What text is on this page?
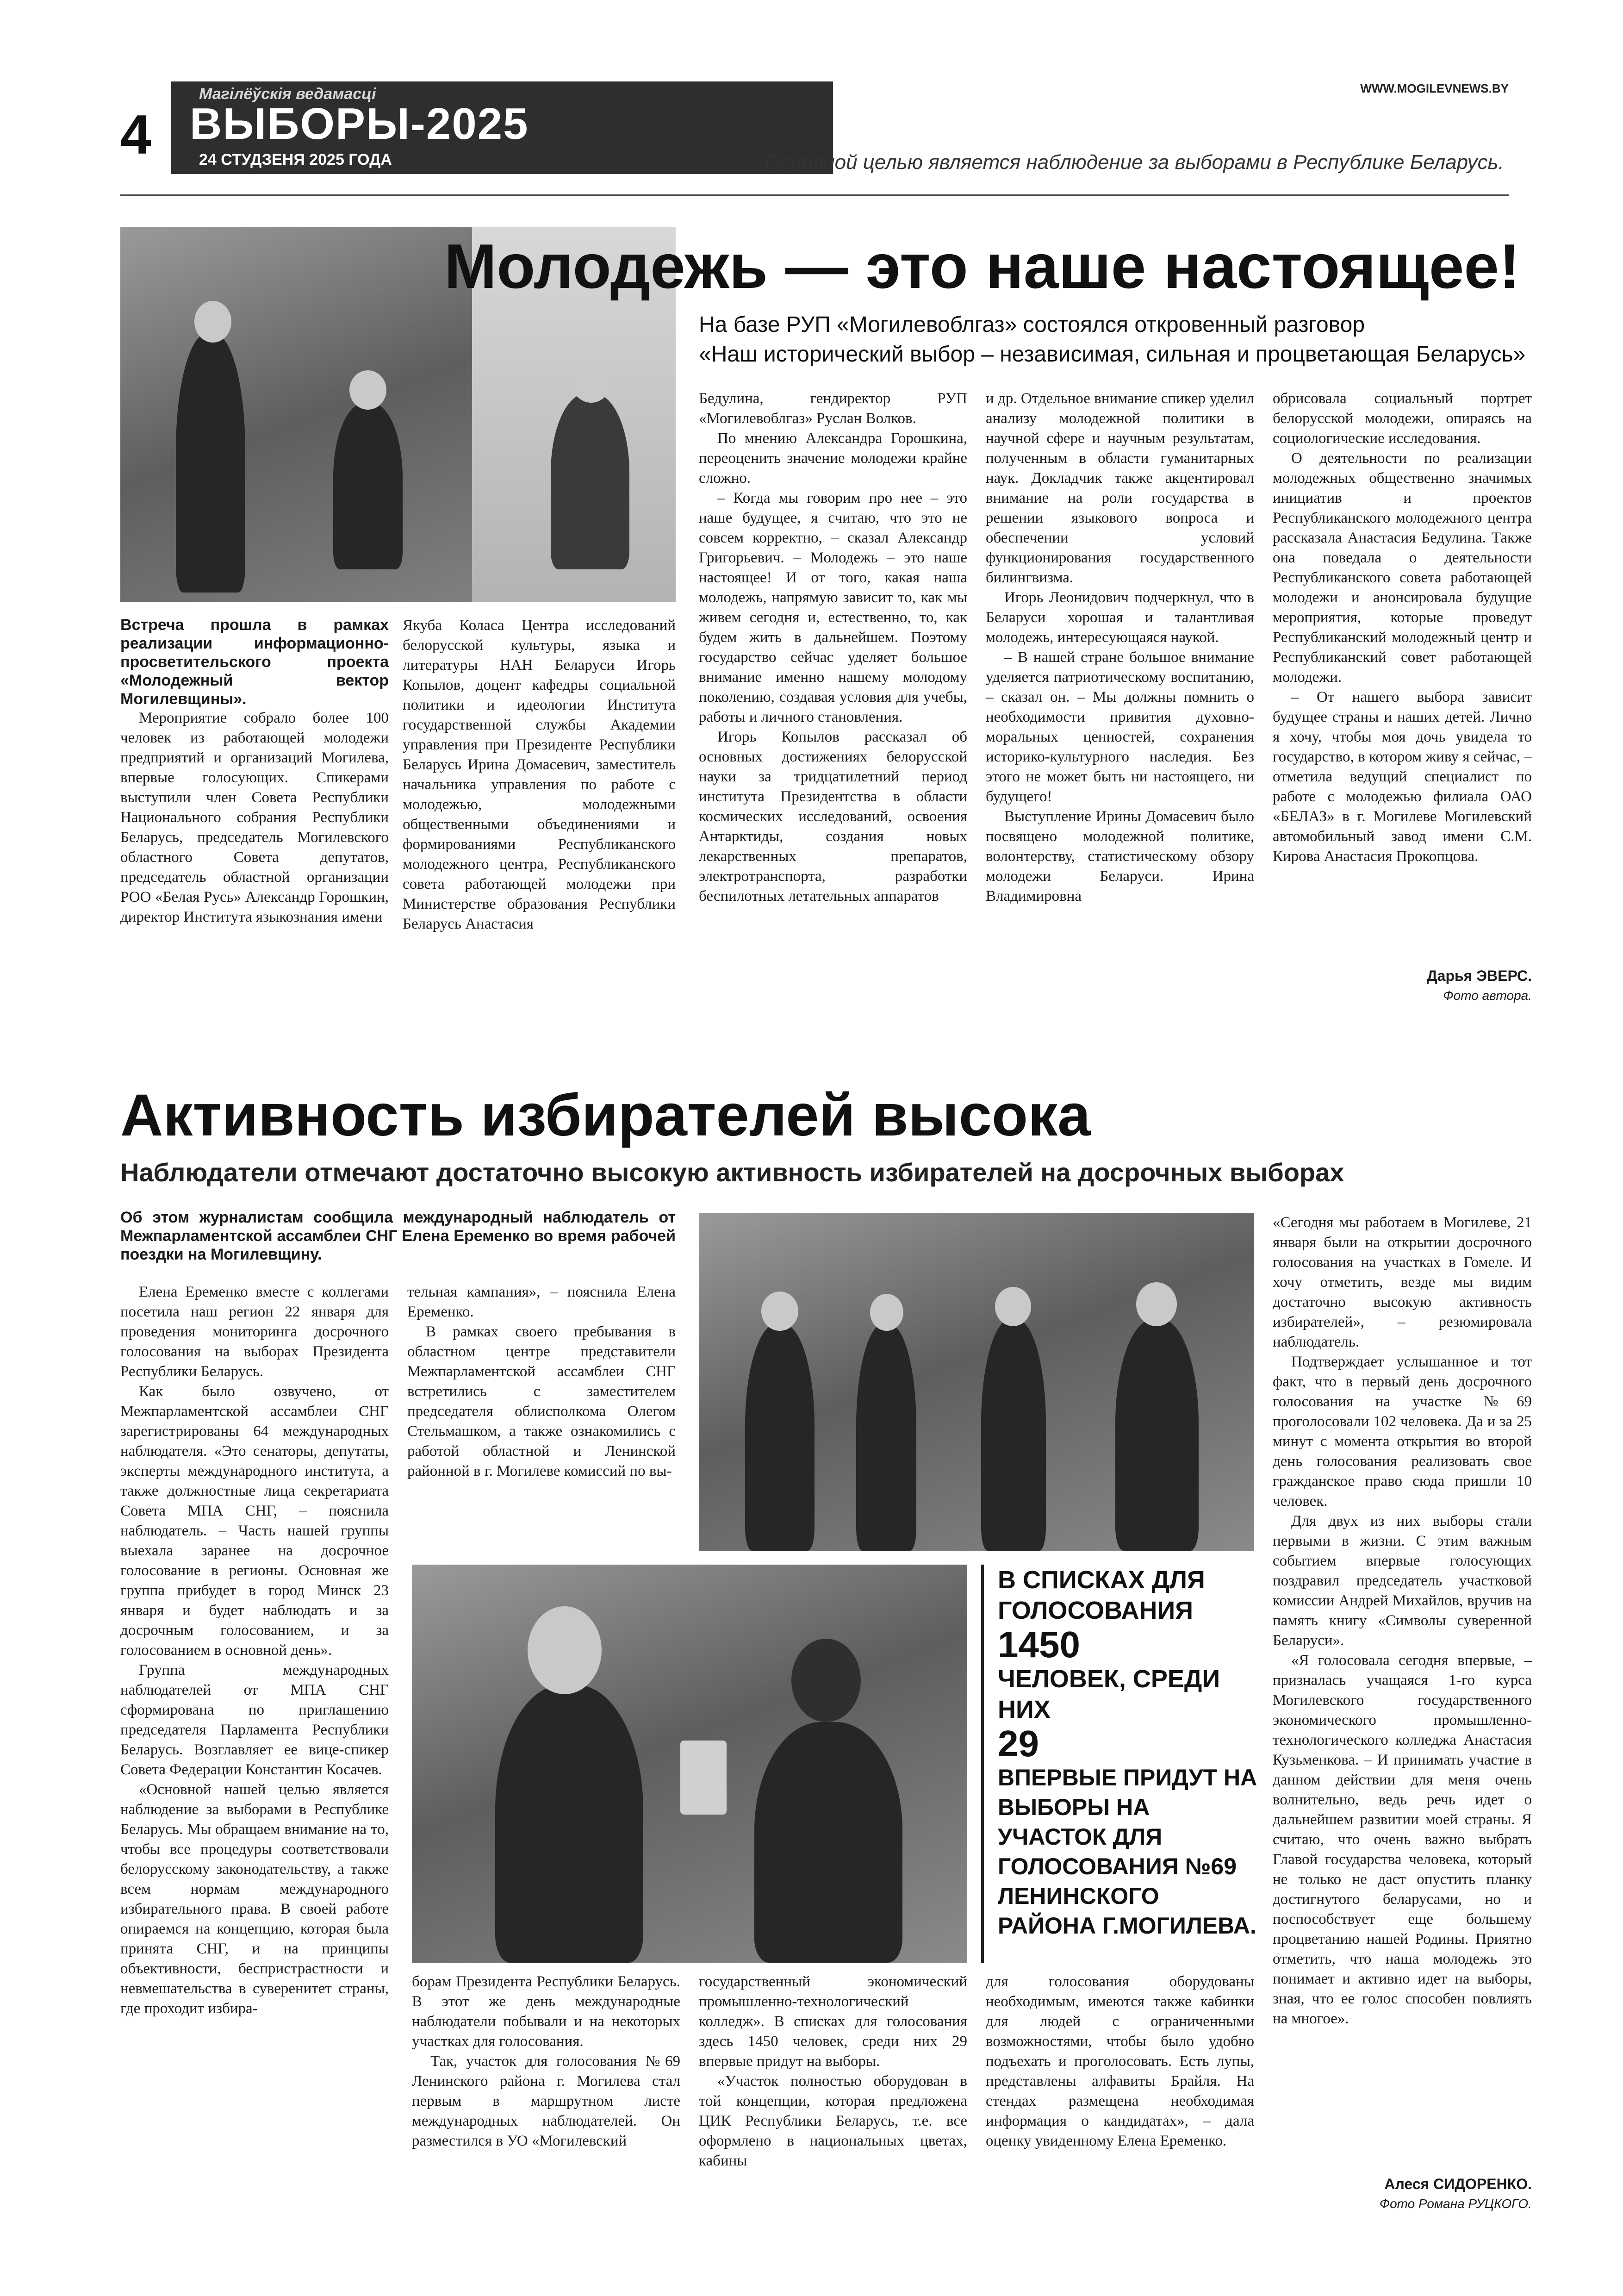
4
Магілёўскія ведамасці
ВЫБОРЫ-2025
24 СТУДЗЕНЯ 2025 ГОДА
WWW.MOGILEVNEWS.BY
Основной целью является наблюдение за выборами в Республике Беларусь.
Молодежь — это наше настоящее!
На базе РУП «Могилевоблгаз» состоялся откровенный разговор
«Наш исторический выбор – независимая, сильная и процветающая Беларусь»

Встреча прошла в рамках реализации информационно-просветительского проекта «Молодежный вектор Могилевщины».

Мероприятие собрало более 100 человек из работающей молодежи предприятий и организаций Могилева, впервые голосующих. Спикерами выступили член Совета Республики Национального собрания Республики Беларусь, председатель Могилевского областного Совета депутатов, председатель областной организации РОО «Белая Русь» Александр Горошкин, директор Института языкознания имени

Якуба Коласа Центра исследований белорусской культуры, языка и литературы НАН Беларуси Игорь Копылов, доцент кафедры социальной политики и идеологии Института государственной службы Академии управления при Президенте Республики Беларусь Ирина Домасевич, заместитель начальника управления по работе с молодежью, молодежными общественными объединениями и формированиями Республиканского молодежного центра, Республиканского совета работающей молодежи при Министерстве образования Республики Беларусь Анастасия

Бедулина, гендиректор РУП «Могилевоблгаз» Руслан Волков.

По мнению Александра Горошкина, переоценить значение молодежи крайне сложно.

– Когда мы говорим про нее – это наше будущее, я считаю, что это не совсем корректно, – сказал Александр Григорьевич. – Молодежь – это наше настоящее! И от того, какая наша молодежь, напрямую зависит то, как мы живем сегодня и, естественно, то, как будем жить в дальнейшем. Поэтому государство сейчас уделяет большое внимание именно нашему молодому поколению, создавая условия для учебы, работы и личного становления.

Игорь Копылов рассказал об основных достижениях белорусской науки за тридцатилетний период института Президентства в области космических исследований, освоения Антарктиды, создания новых лекарственных препаратов, электротранспорта, разработки беспилотных летательных аппаратов

и др. Отдельное внимание спикер уделил анализу молодежной политики в научной сфере и научным результатам, полученным в области гуманитарных наук. Докладчик также акцентировал внимание на роли государства в решении языкового вопроса и обеспечении условий функционирования государственного билингвизма.

Игорь Леонидович подчеркнул, что в Беларуси хорошая и талантливая молодежь, интересующаяся наукой.

– В нашей стране большое внимание уделяется патриотическому воспитанию, – сказал он. – Мы должны помнить о необходимости привития духовно-моральных ценностей, сохранения историко-культурного наследия. Без этого не может быть ни настоящего, ни будущего!

Выступление Ирины Домасевич было посвящено молодежной политике, волонтерству, статистическому обзору молодежи Беларуси. Ирина Владимировна

обрисовала социальный портрет белорусской молодежи, опираясь на социологические исследования.

О деятельности по реализации молодежных общественно значимых инициатив и проектов Республиканского молодежного центра рассказала Анастасия Бедулина. Также она поведала о деятельности Республиканского совета работающей молодежи и анонсировала будущие мероприятия, которые проведут Республиканский молодежный центр и Республиканский совет работающей молодежи.

– От нашего выбора зависит будущее страны и наших детей. Лично я хочу, чтобы моя дочь увидела то государство, в котором живу я сейчас, – отметила ведущий специалист по работе с молодежью филиала ОАО «БЕЛАЗ» в г. Могилеве Могилевский автомобильный завод имени С.М. Кирова Анастасия Прокопцова.

Дарья ЭВЕРС.
Фото автора.
Активность избирателей высока
Наблюдатели отмечают достаточно высокую активность избирателей на досрочных выборах

Об этом журналистам сообщила международный наблюдатель от Межпарламентской ассамблеи СНГ Елена Еременко во время рабочей поездки на Могилевщину.

Елена Еременко вместе с коллегами посетила наш регион 22 января для проведения мониторинга досрочного голосования на выборах Президента Республики Беларусь.

Как было озвучено, от Межпарламентской ассамблеи СНГ зарегистрированы 64 международных наблюдателя. «Это сенаторы, депутаты, эксперты международного института, а также должностные лица секретариата Совета МПА СНГ, – пояснила наблюдатель. – Часть нашей группы выехала заранее на досрочное голосование в регионы. Основная же группа прибудет в город Минск 23 января и будет наблюдать и за досрочным голосованием, и за голосованием в основной день».

Группа международных наблюдателей от МПА СНГ сформирована по приглашению председателя Парламента Республики Беларусь. Возглавляет ее вице-спикер Совета Федерации Константин Косачев.

«Основной нашей целью является наблюдение за выборами в Республике Беларусь. Мы обращаем внимание на то, чтобы все процедуры соответствовали белорусскому законодательству, а также всем нормам международного избирательного права. В своей работе опираемся на концепцию, которая была принята СНГ, и на принципы объективности, беспристрастности и невмешательства в суверенитет страны, где проходит избира-

тельная кампания», – пояснила Елена Еременко.

В рамках своего пребывания в областном центре представители Межпарламентской ассамблеи СНГ встретились с заместителем председателя облисполкома Олегом Стельмашком, а также ознакомились с работой областной и Ленинской районной в г. Могилеве комиссий по вы-

В СПИСКАХ ДЛЯ ГОЛОСОВАНИЯ
1450
ЧЕЛОВЕК, СРЕДИ НИХ
29
ВПЕРВЫЕ ПРИДУТ НА ВЫБОРЫ НА УЧАСТОК ДЛЯ ГОЛОСОВАНИЯ №69 ЛЕНИНСКОГО РАЙОНА Г.МОГИЛЕВА.

борам Президента Республики Беларусь. В этот же день международные наблюдатели побывали и на некоторых участках для голосования.

Так, участок для голосования №69 Ленинского района г. Могилева стал первым в маршрутном листе международных наблюдателей. Он разместился в УО «Могилевский

государственный экономический промышленно-технологический колледж». В списках для голосования здесь 1450 человек, среди них 29 впервые придут на выборы.

«Участок полностью оборудован в той концепции, которая предложена ЦИК Республики Беларусь, т.е. все оформлено в национальных цветах, кабины

для голосования оборудованы необходимым, имеются также кабинки для людей с ограниченными возможностями, чтобы было удобно подъехать и проголосовать. Есть лупы, представлены алфавиты Брайля. На стендах размещена необходимая информация о кандидатах», – дала оценку увиденному Елена Еременко.

«Сегодня мы работаем в Могилеве, 21 января были на открытии досрочного голосования на участках в Гомеле. И хочу отметить, везде мы видим достаточно высокую активность избирателей», – резюмировала наблюдатель.

Подтверждает услышанное и тот факт, что в первый день досрочного голосования на участке №69 проголосовали 102 человека. Да и за 25 минут с момента открытия во второй день голосования реализовать свое гражданское право сюда пришли 10 человек.

Для двух из них выборы стали первыми в жизни. С этим важным событием впервые голосующих поздравил председатель участковой комиссии Андрей Михайлов, вручив на память книгу «Символы суверенной Беларуси».

«Я голосовала сегодня впервые, – призналась учащаяся 1-го курса Могилевского государственного экономического промышленно-технологического колледжа Анастасия Кузьменкова. – И принимать участие в данном действии для меня очень волнительно, ведь речь идет о дальнейшем развитии моей страны. Я считаю, что очень важно выбрать Главой государства человека, который не только не даст опустить планку достигнутого беларусами, но и поспособствует еще большему процветанию нашей Родины. Приятно отметить, что наша молодежь это понимает и активно идет на выборы, зная, что ее голос способен повлиять на многое».

Алеся СИДОРЕНКО.
Фото Романа РУЦКОГО.
